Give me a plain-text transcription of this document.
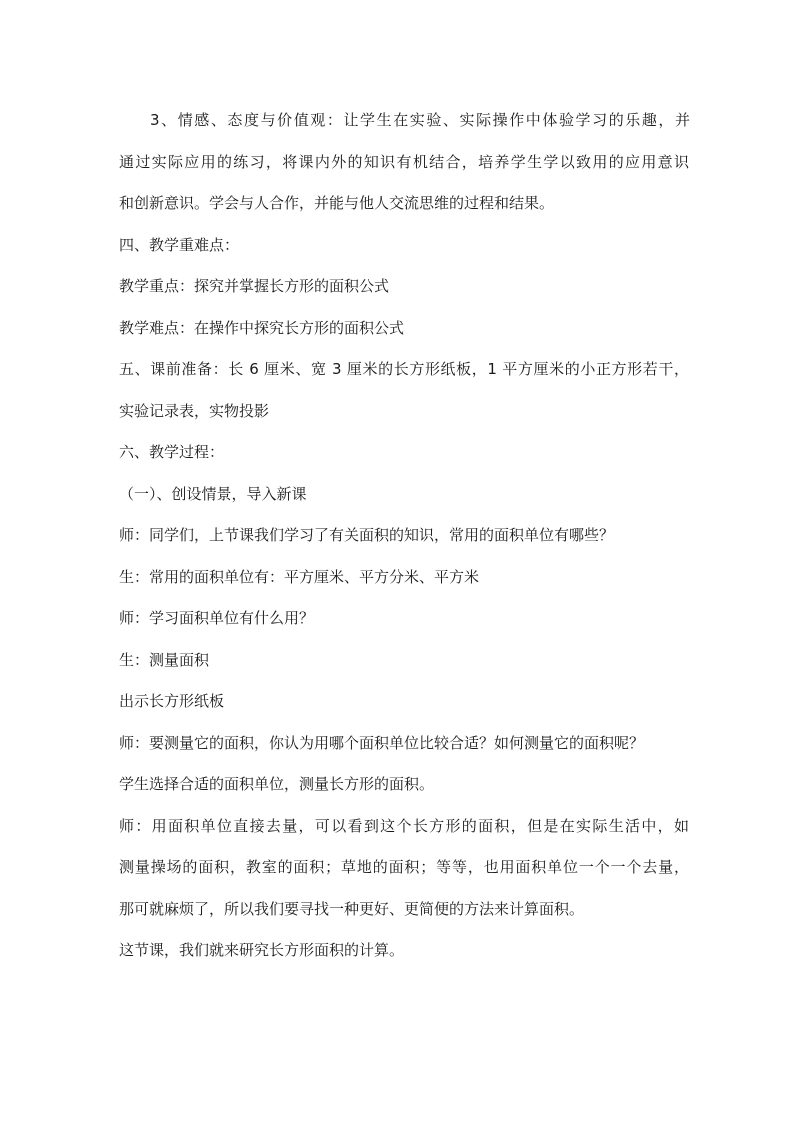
3、情感、态度与价值观：让学生在实验、实际操作中体验学习的乐趣，并
通过实际应用的练习，将课内外的知识有机结合，培养学生学以致用的应用意识
和创新意识。学会与人合作，并能与他人交流思维的过程和结果。
四、教学重难点：
教学重点：探究并掌握长方形的面积公式
教学难点：在操作中探究长方形的面积公式
五、课前准备：长 6 厘米、宽 3 厘米的长方形纸板，1 平方厘米的小正方形若干，
实验记录表，实物投影
六、教学过程：
（一）、创设情景，导入新课
师：同学们，上节课我们学习了有关面积的知识，常用的面积单位有哪些？
生：常用的面积单位有：平方厘米、平方分米、平方米
师：学习面积单位有什么用？
生：测量面积
出示长方形纸板
师：要测量它的面积，你认为用哪个面积单位比较合适？如何测量它的面积呢？
学生选择合适的面积单位，测量长方形的面积。
师：用面积单位直接去量，可以看到这个长方形的面积，但是在实际生活中，如
测量操场的面积，教室的面积；草地的面积；等等，也用面积单位一个一个去量，
那可就麻烦了，所以我们要寻找一种更好、更简便的方法来计算面积。
这节课，我们就来研究长方形面积的计算。
